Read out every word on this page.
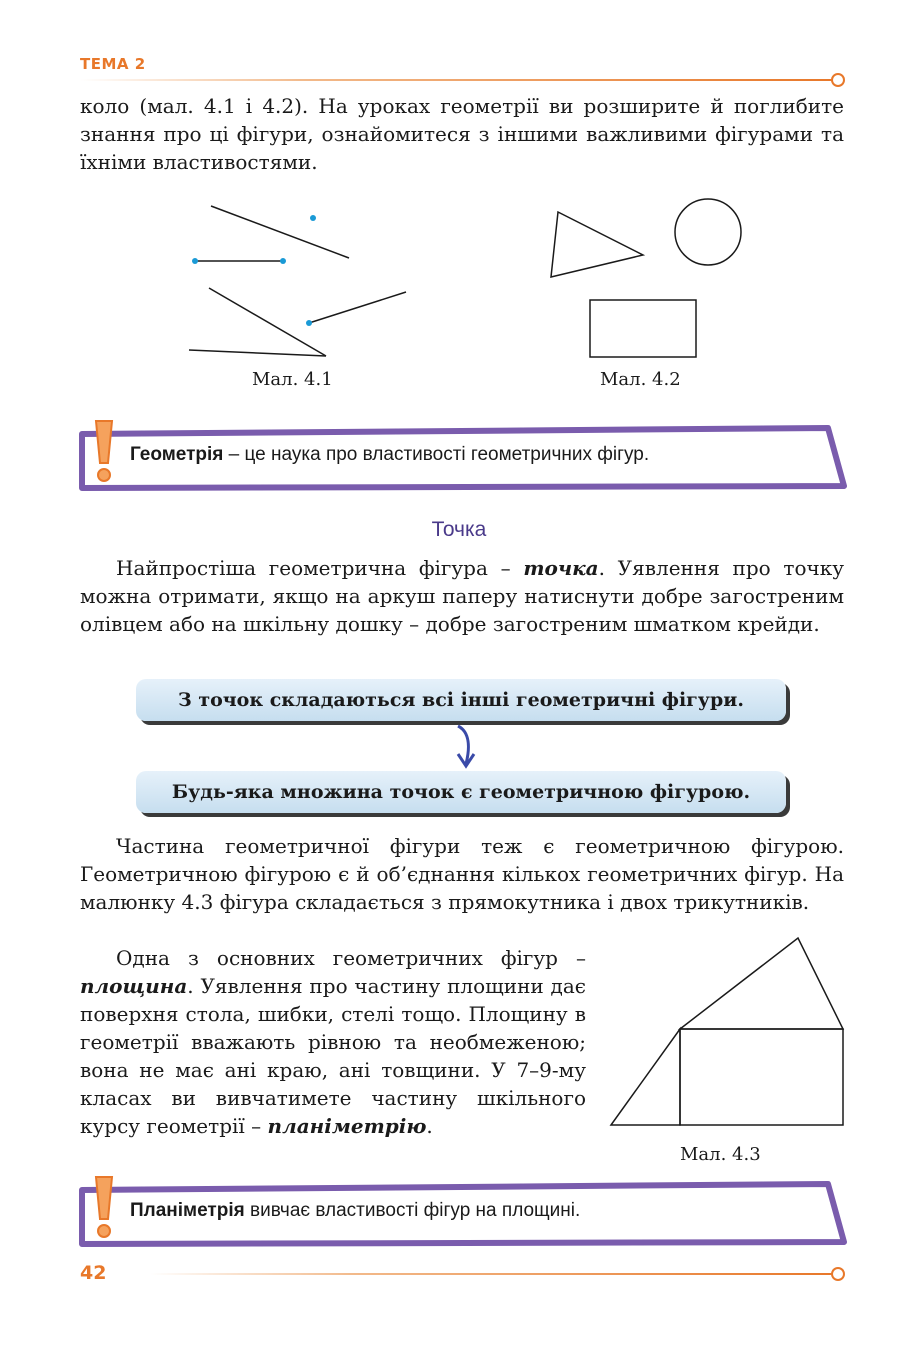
ТЕМА 2

коло (мал. 4.1 і 4.2). На уроках геометрії ви розширите й поглибите знання про ці фігури, ознайомитеся з іншими важливими фігурами та їхніми властивостями.

Мал. 4.1	Мал. 4.2
Геометрія – це наука про властивості геометричних фігур.
Точка

Найпростіша геометрична фігура – точка. Уявлення про точку можна отримати, якщо на аркуш паперу натиснути добре загостреним олівцем або на шкільну дошку – добре загостреним шматком крейди.

З точок складаються всі інші геометричні фігури.
Будь-яка множина точок є геометричною фігурою.

Частина геометричної фігури теж є геометричною фігурою. Геометричною фігурою є й об’єднання кількох геометричних фігур. На малюнку 4.3 фігура складається з прямокутника і двох трикутників.

Одна з основних геометричних фігур – площина. Уявлення про частину площини дає поверхня стола, шибки, стелі тощо. Площину в геометрії вважають рівною та необмеженою; вона не має ані краю, ані товщини. У 7–9-му класах ви вивчатимете частину шкільного курсу геометрії – планіметрію.

Мал. 4.3
Планіметрія вивчає властивості фігур на площині.
42
